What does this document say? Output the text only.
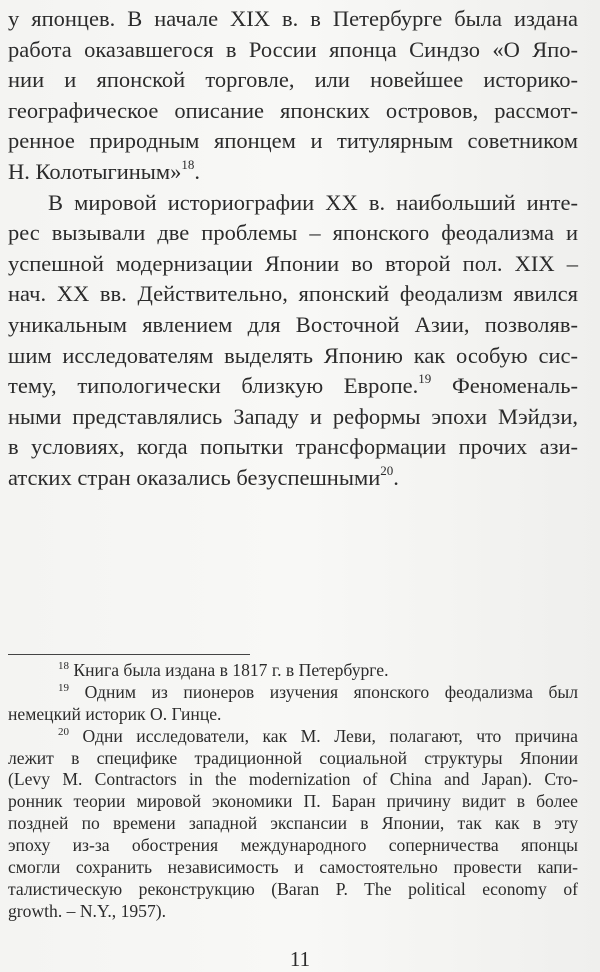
у японцев. В начале XIX в. в Петербурге была издана
работа оказавшегося в России японца Синдзо «О Япо-
нии и японской торговле, или новейшее историко-
географическое описание японских островов, рассмот-
ренное природным японцем и титулярным советником
Н. Колотыгиным»$^{18}$.
В мировой историографии XX в. наибольший инте-
рес вызывали две проблемы – японского феодализма и
успешной модернизации Японии во второй пол. XIX –
нач. XX вв. Действительно, японский феодализм явился
уникальным явлением для Восточной Азии, позволяв-
шим исследователям выделять Японию как особую сис-
тему, типологически близкую Европе.$^{19}$ Феноменаль-
ными представлялись Западу и реформы эпохи Мэйдзи,
в условиях, когда попытки трансформации прочих ази-
атских стран оказались безуспешными$^{20}$.
$^{18}$ Книга была издана в 1817 г. в Петербурге.
$^{19}$ Одним из пионеров изучения японского феодализма был
немецкий историк О. Гинце.
$^{20}$ Одни исследователи, как М. Леви, полагают, что причина
лежит в специфике традиционной социальной структуры Японии
(Levy M. Contractors in the modernization of China and Japan). Сто-
ронник теории мировой экономики П. Баран причину видит в более
поздней по времени западной экспансии в Японии, так как в эту
эпоху из-за обострения международного соперничества японцы
смогли сохранить независимость и самостоятельно провести капи-
талистическую реконструкцию (Baran P. The political economy of
growth. – N.Y., 1957).
11
